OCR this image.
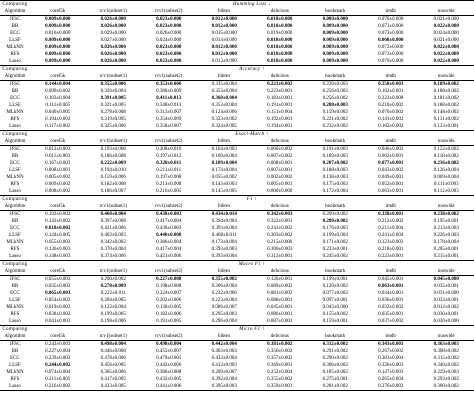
Comparing	Hamming Loss ↓							
Algorithm	corel5k	rcv1(subset1)	rcv1(subset2)	bibtex	delicious	bookmark	imdb	nuswide
JFSC	0.009±0.000	0.026±0.000	0.023±0.000	0.012±0.000	0.018±0.000	0.009±0.000	0.070±0.000	0.021±0.000
BR	0.009±0.000	0.026±0.000	0.023±0.000	0.012±0.000	0.018±0.000	0.009±0.000	0.071±0.000	0.022±0.000
ECC	0.010±0.000	0.029±0.000	0.026±0.000	0.015±0.000	0.019±0.000	0.009±0.000	0.073±0.000	0.024±0.000
LLSF	0.009±0.000	0.027±0.000	0.024±0.000	0.014±0.000	0.018±0.000	0.009±0.000	0.068±0.000	0.021±0.000
MLkNN	0.009±0.000	0.026±0.000	0.023±0.000	0.012±0.000	0.018±0.000	0.009±0.000	0.072±0.000	0.022±0.000
RFS	0.009±0.000	0.026±0.000	0.023±0.000	0.012±0.000	0.018±0.000	0.009±0.000	0.072±0.000	0.022±0.000
Lasso	0.009±0.000	0.026±0.000	0.023±0.000	0.013±0.000	0.018±0.000	0.009±0.000	0.070±0.000	0.022±0.000
Comparing	Accuracy ↑							
Algorithm	corel5k	rcv1(subset1)	rcv1(subset2)	bibtex	delicious	bookmark	imdb	nuswide
JFSC	0.144±0.004	0.355±0.006	0.353±0.006	0.335±0.004	0.221±0.002	0.236±0.003	0.250±0.003	0.189±0.002
BR	0.099±0.002	0.326±0.004	0.380±0.009	0.353±0.004	0.223±0.001	0.256±0.003	0.162±0.001	0.188±0.002
ECC	0.103±0.004	0.391±0.005	0.411±0.013	0.360±0.004	0.183±0.001	0.256±0.002	0.222±0.008	0.181±0.002
LLSF	0.111±0.005	0.321±0.005	0.348±0.013	0.353±0.004	0.191±0.001	0.288±0.003	0.210±0.002	0.188±0.002
MLkNN	0.040±0.005	0.278±0.008	0.313±0.007	0.124±0.006	0.151±0.004	0.159±0.002	0.076±0.002	0.148±0.002
RFS	0.104±0.003	0.319±0.005	0.354±0.009	0.323±0.002	0.192±0.001	0.221±0.002	0.141±0.002	0.131±0.002
Lasso	0.117±0.002	0.325±0.006	0.358±0.007	0.324±0.005	0.194±0.001	0.232±0.002	0.182±0.002	0.133±0.001
Comparing	Exact-Match ↑							
Algorithm	corel5k	rcv1(subset1)	rcv1(subset2)	bibtex	delicious	bookmark	imdb	nuswide
JFSC	0.012±0.003	0.193±0.006	0.208±0.010	0.164±0.003	0.006±0.002	0.191±0.003	0.046±0.002	0.122±0.002
BR	0.011±0.003	0.186±0.008	0.197±0.012	0.169±0.004	0.007±0.002	0.189±0.003	0.062±0.001	0.118±0.002
ECC	0.167±0.003	0.222±0.009	0.328±0.011	0.189±0.004	0.008±0.001	0.207±0.002	0.077±0.001	0.236±0.002
LLSF	0.008±0.001	0.194±0.010	0.211±0.011	0.174±0.004	0.007±0.001	0.188±0.003	0.043±0.002	0.126±0.004
MLkNN	0.005±0.002	0.159±0.006	0.197±0.008	0.055±0.002	0.002±0.002	0.138±0.003	0.049±0.003	0.069±0.004
RFS	0.009±0.002	0.182±0.008	0.213±0.008	0.143±0.003	0.005±0.001	0.175±0.003	0.052±0.001	0.111±0.003
Lasso	0.008±0.002	0.186±0.007	0.216±0.005	0.145±0.005	0.006±0.000	0.172±0.004	0.063±0.001	0.112±0.003
Comparing	F1 ↑							
Algorithm	corel5k	rcv1(subset1)	rcv1(subset2)	bibtex	delicious	bookmark	imdb	nuswide
JFSC	0.192±0.002	0.460±0.004	0.438±0.003	0.434±0.014	0.342±0.003	0.269±0.002	0.338±0.001	0.238±0.002
BR	0.142±0.002	0.397±0.008	0.417±0.004	0.394±0.004	0.323±0.001	0.280±0.002	0.212±0.002	0.195±0.001
ECC	0.018±0.002	0.421±0.006	0.436±0.003	0.393±0.004	0.241±0.002	0.176±0.003	0.211±0.004	0.213±0.003
LLSF	0.144±0.005	0.402±0.003	0.440±0.008	0.408±0.011	0.303±0.002	0.199±0.004	0.241±0.004	0.226±0.003
MLkNN	0.055±0.003	0.342±0.002	0.386±0.004	0.173±0.004	0.215±0.006	0.171±0.002	0.123±0.003	0.178±0.004
RFS	0.136±0.003	0.370±0.004	0.417±0.004	0.393±0.003	0.306±0.003	0.233±0.001	0.218±0.003	0.205±0.001
Lasso	0.148±0.003	0.374±0.006	0.421±0.006	0.393±0.004	0.312±0.001	0.245±0.002	0.223±0.001	0.215±0.001
Comparing	Macro F1 ↑							
Algorithm	corel5k	rcv1(subset1)	rcv1(subset2)	bibtex	delicious	bookmark	imdb	nuswide
JFSC	0.055±0.003	0.260±0.002	0.227±0.008	0.355±0.002	0.126±0.001	0.199±0.001	0.045±0.001	0.045±0.000
BR	0.035±0.003	0.278±0.009	0.198±0.008	0.206±0.004	0.089±0.002	0.120±0.002	0.063±0.001	0.035±0.001
ECC	0.065±0.003	0.222±0.011	0.224±0.007	0.232±0.006	0.081±0.002	0.077±0.002	0.034±0.001	0.031±0.000
LLSF	0.054±0.002	0.204±0.005	0.202±0.006	0.223±0.004	0.088±0.001	0.097±0.001	0.036±0.001	0.032±0.001
MLkNN	0.019±0.002	0.122±0.004	0.130±0.005	0.086±0.007	0.045±0.001	0.043±0.000	0.032±0.002	0.012±0.002
RFS	0.038±0.002	0.199±0.005	0.182±0.006	0.295±0.003	0.086±0.001	0.155±0.002	0.035±0.001	0.030±0.001
Lasso	0.041±0.003	0.198±0.006	0.191±0.005	0.296±0.004	0.087±0.001	0.159±0.001	0.037±0.002	0.030±0.000
Comparing	Micro F1 ↑							
Algorithm	corel5k	rcv1(subset1)	rcv1(subset2)	bibtex	delicious	bookmark	imdb	nuswide
JFSC	0.243±0.003	0.498±0.004	0.498±0.004	0.442±0.004	0.381±0.002	0.312±0.002	0.343±0.003	0.363±0.003
BR	0.227±0.004	0.446±0.008	0.455±0.007	0.403±0.003	0.356±0.002	0.291±0.002	0.267±0.002	0.308±0.002
ECC	0.239±0.003	0.478±0.006	0.479±0.005	0.433±0.004	0.357±0.002	0.290±0.002	0.303±0.004	0.315±0.002
LLSF	0.244±0.002	0.456±0.005	0.442±0.006	0.412±0.003	0.369±0.001	0.306±0.002	0.326±0.003	0.340±0.002
MLkNN	0.074±0.004	0.365±0.006	0.386±0.008	0.209±0.007	0.252±0.004	0.185±0.002	0.147±0.003	0.229±0.003
RFS	0.211±0.005	0.417±0.005	0.432±0.005	0.392±0.004	0.355±0.002	0.275±0.001	0.265±0.004	0.293±0.002
Lasso	0.216±0.002	0.423±0.005	0.441±0.006	0.395±0.003	0.359±0.001	0.281±0.002	0.276±0.002	0.300±0.002
